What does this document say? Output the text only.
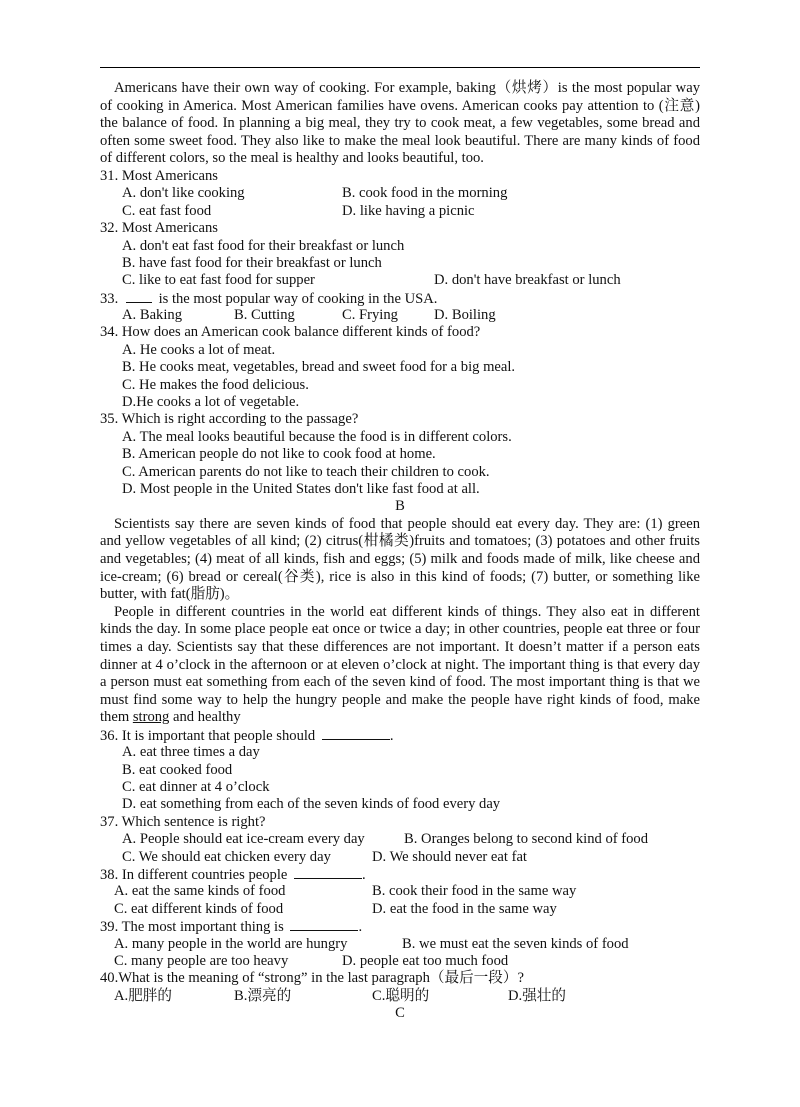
Americans have their own way of cooking. For example, baking（烘烤）is the most popular way of cooking in America. Most American families have ovens. American cooks pay attention to (注意) the balance of food. In planning a big meal, they try to cook meat, a few vegetables, some bread and often some sweet food. They also like to make the meal look beautiful. There are many kinds of food of different colors, so the meal is healthy and looks beautiful, too.

31. Most Americans
A. don't like cooking	B. cook food in the morning
C. eat fast food	D. like having a picnic
32. Most Americans
A. don't eat fast food for their breakfast or lunch
B. have fast food for their breakfast or lunch
C. like to eat fast food for supper	D. don't have breakfast or lunch
33.	is the most popular way of cooking in the USA.
A. Baking	B. Cutting	C. Frying D. Boiling
34. How does an American cook balance different kinds of food?
A. He cooks a lot of meat.
B. He cooks meat, vegetables, bread and sweet food for a big meal.
C. He makes the food delicious.
D.He cooks a lot of vegetable.
35. Which is right according to the passage?
A. The meal looks beautiful because the food is in different colors.
B. American people do not like to cook food at home.
C. American parents do not like to teach their children to cook.
D. Most people in the United States don't like fast food at all.
B

Scientists say there are seven kinds of food that people should eat every day. They are: (1) green and yellow vegetables of all kind; (2) citrus(柑橘类)fruits and tomatoes; (3) potatoes and other fruits and vegetables; (4) meat of all kinds, fish and eggs; (5) milk and foods made of milk, like cheese and ice-cream; (6) bread or cereal(谷类), rice is also in this kind of foods; (7) butter, or something like butter, with fat(脂肪)。

People in different countries in the world eat different kinds of things. They also eat in different kinds the day. In some place people eat once or twice a day; in other countries, people eat three or four times a day. Scientists say that these differences are not important. It doesn’t matter if a person eats dinner at 4 o’clock in the afternoon or at eleven o’clock at night. The important thing is that every day a person must eat something from each of the seven kind of food. The most important thing is that we must find some way to help the hungry people and make the people have right kinds of food, make them strong and healthy

36. It is important that people should	.
A. eat three times a day
B. eat cooked food
C. eat dinner at 4 o’clock
D. eat something from each of the seven kinds of food every day
37. Which sentence is right?
A. People should eat ice-cream every day	B. Oranges belong to second kind of food
C. We should eat chicken every day	D. We should never eat fat
38. In different countries people	.
A. eat the same kinds of food	B. cook their food in the same way
C. eat different kinds of food	D. eat the food in the same way
39. The most important thing is	.
A. many people in the world are hungry	B. we must eat the seven kinds of food
C. many people are too heavy	D. people eat too much food
40.What is the meaning of “strong” in the last paragraph（最后一段）?
A.肥胖的	B.漂亮的	C.聪明的	D.强壮的
C
